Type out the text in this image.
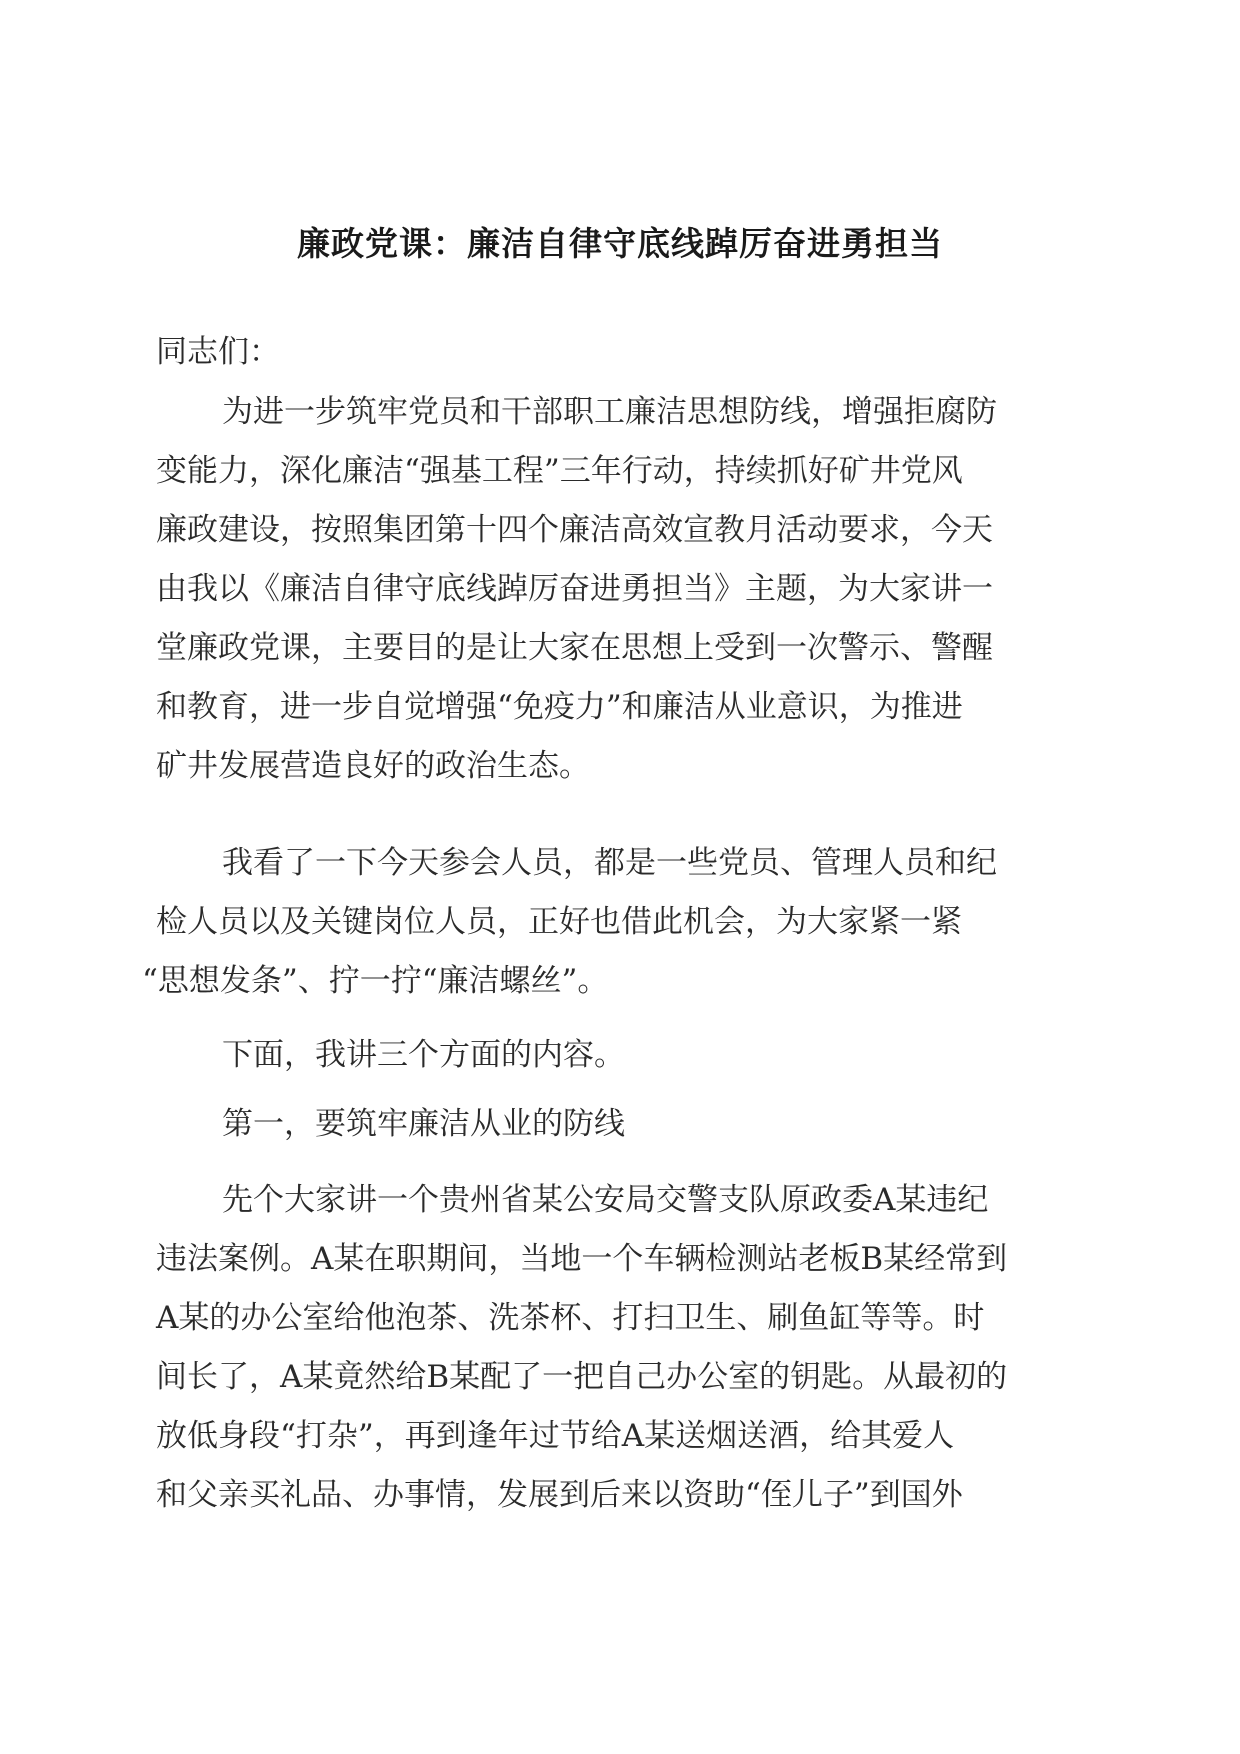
廉政党课：廉洁自律守底线踔厉奋进勇担当

同志们：

为进一步筑牢党员和干部职工廉洁思想防线，增强拒腐防

变能力，深化廉洁“强基工程”三年行动，持续抓好矿井党风

廉政建设，按照集团第十四个廉洁高效宣教月活动要求，今天

由我以《廉洁自律守底线踔厉奋进勇担当》主题，为大家讲一

堂廉政党课，主要目的是让大家在思想上受到一次警示、警醒

和教育，进一步自觉增强“免疫力”和廉洁从业意识，为推进

矿井发展营造良好的政治生态。

我看了一下今天参会人员，都是一些党员、管理人员和纪

检人员以及关键岗位人员，正好也借此机会，为大家紧一紧

“思想发条”、拧一拧“廉洁螺丝”。

下面，我讲三个方面的内容。

第一，要筑牢廉洁从业的防线

先个大家讲一个贵州省某公安局交警支队原政委A某违纪

违法案例。A某在职期间，当地一个车辆检测站老板B某经常到

A某的办公室给他泡茶、洗茶杯、打扫卫生、刷鱼缸等等。时

间长了，A某竟然给B某配了一把自己办公室的钥匙。从最初的

放低身段“打杂”，再到逢年过节给A某送烟送酒，给其爱人

和父亲买礼品、办事情，发展到后来以资助“侄儿子”到国外
